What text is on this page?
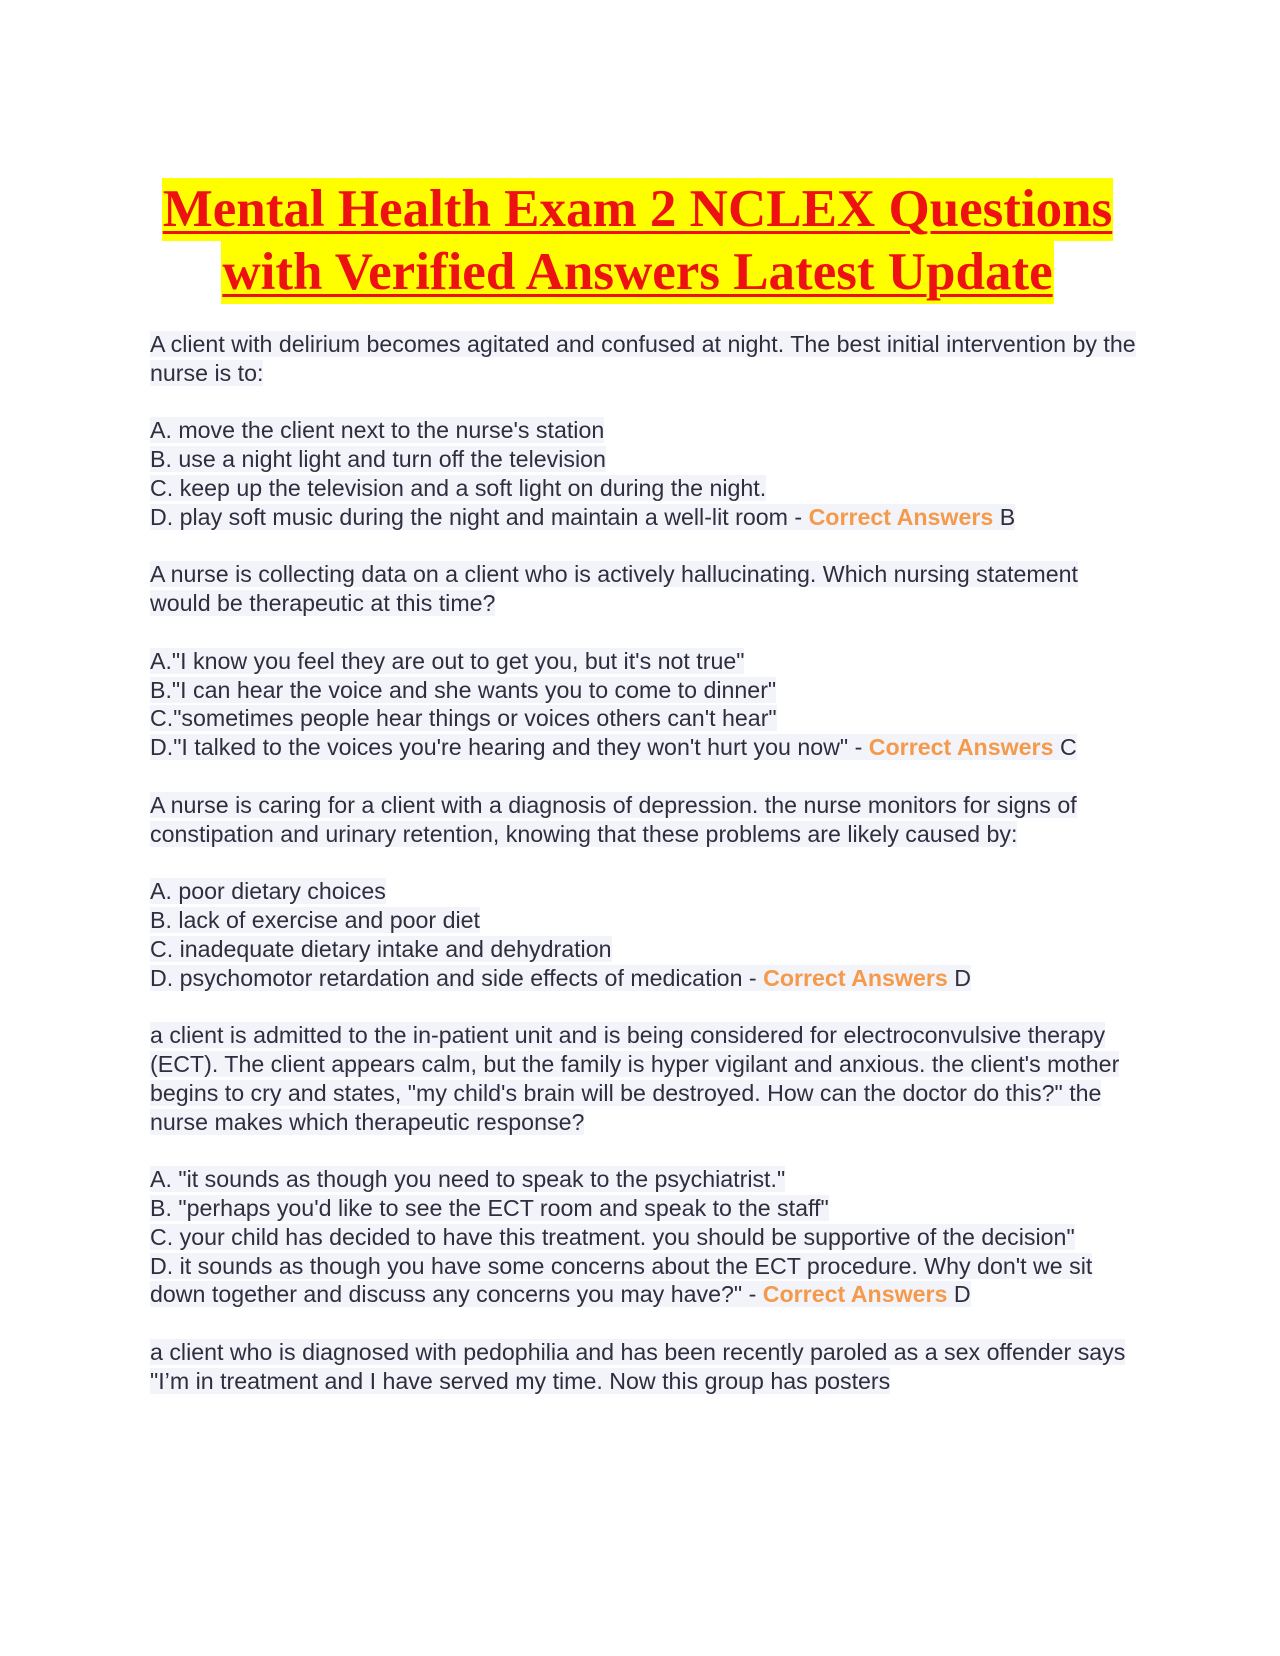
Mental Health Exam 2 NCLEX Questions
with Verified Answers Latest Update
A client with delirium becomes agitated and confused at night. The best initial intervention by the nurse is to:
A. move the client next to the nurse's station
B. use a night light and turn off the television
C. keep up the television and a soft light on during the night.
D. play soft music during the night and maintain a well-lit room - Correct Answers B
A nurse is collecting data on a client who is actively hallucinating. Which nursing statement would be therapeutic at this time?
A."I know you feel they are out to get you, but it's not true"
B."I can hear the voice and she wants you to come to dinner"
C."sometimes people hear things or voices others can't hear"
D."I talked to the voices you're hearing and they won't hurt you now" - Correct Answers C
A nurse is caring for a client with a diagnosis of depression. the nurse monitors for signs of constipation and urinary retention, knowing that these problems are likely caused by:
A. poor dietary choices
B. lack of exercise and poor diet
C. inadequate dietary intake and dehydration
D. psychomotor retardation and side effects of medication - Correct Answers D
a client is admitted to the in-patient unit and is being considered for electroconvulsive therapy (ECT). The client appears calm, but the family is hyper vigilant and anxious. the client's mother begins to cry and states, "my child's brain will be destroyed. How can the doctor do this?" the nurse makes which therapeutic response?
A. "it sounds as though you need to speak to the psychiatrist."
B. "perhaps you'd like to see the ECT room and speak to the staff"
C. your child has decided to have this treatment. you should be supportive of the decision"
D. it sounds as though you have some concerns about the ECT procedure. Why don't we sit down together and discuss any concerns you may have?" - Correct Answers D
a client who is diagnosed with pedophilia and has been recently paroled as a sex offender says "I’m in treatment and I have served my time. Now this group has posters
